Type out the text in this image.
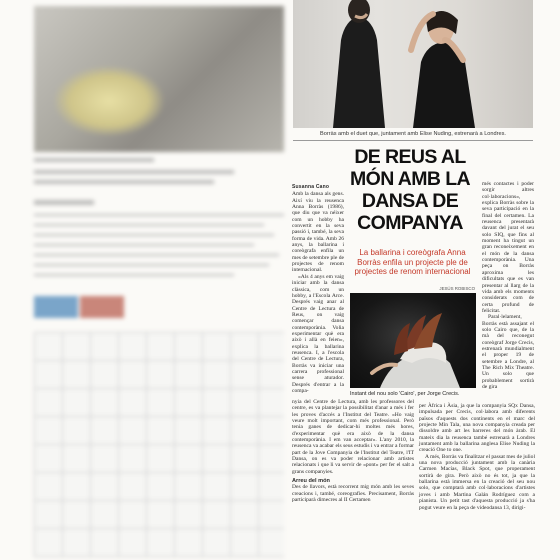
Borràs amb el duet que, juntament amb Elise Nuding, estrenarà a Londres.
DE REUS AL
MÓN AMB LA
DANSA DE
COMPANYA
La ballarina i coreògrafa Anna Borràs enfila un projecte ple de projectes de renom internacional
JESÚS ROBISCO
Instant del nou solo 'Cairo', per Jorge Crecis.
Susanna Cano

Amb la dansa als gens. Així viu la reusenca Anna Borràs (1986), que diu que va néixer com un hobby ha convertit en la seva passió i, també, la seva forma de vida. Amb 26 anys, la ballarina i coreògrafa enfila un mes de setembre ple de projectes de renom internacional.

«Als 4 anys em vaig iniciar amb la dansa clàssica, com un hobby, a l'Escola Arce. Després vaig anar al Centre de Lectura de Reus, on vaig començar dansa contemporània. Volia experimentar què era això i allà en feien», explica la ballarina reusenca. I, a l'escola del Centre de Lectura, Borràs va iniciar una carrera professional sense aturador. Després d'entrar a la compa-

més contactes i poder sorgir altres col·laboracions», explica Borràs sobre la seva participació en la final del certamen. La reusenca presentarà davant del jurat el seu solo SIQ, que fins al moment ha tingut un gran reconeixement en el món de la dansa contemporània. Una peça on Borràs aproxima les dificultats que es van presentar al llarg de la vida amb els moments considerats com de certa profund de felicitat.

Paral·lelament, Borràs està assajant el solo Cairo que, de la mà del reconegut coreògraf Jorge Crecis, estrenarà mundialment el proper 19 de setembre a Londre, al The Rich Mix Theatre. Un solo que probablement sortirà de gira

nyia del Centre de Lectura, amb les professores del centre, es va plantejar la possibilitat d'anar a més i fer les proves d'accés a l'Institut del Teatre. «Ho vaig veure molt important, com més professional. Però tenia ganes de dedicar-hi moltes més hores, d'experimentar què era això de la dansa contemporània. I em van acceptar». L'any 2010, la reusenca va acabar els seus estudis i va entrar a formar part de la Jove Companyia de l'Institut del Teatre, l'IT Dansa, on es va poder relacionar amb artistes relacionats i que li va servir de «pont» per fer el salt a grans companyies.

Arreu del món

Des de llavors, està recorrent mig món amb les seves creacions i, també, coreografies. Precisament, Borràs participarà dimecres al II Certamen

per Àfrica i Àsia, ja que la companyia SQx Dansa, impulsada per Crecis, col·labora amb diferents països d'aquests dos continents en el marc del projecte Min Tala, una nova companyia creada per dissoldre amb art les barreres del món àrab. El mateix dia la reusenca també estrenarà a Londres juntament amb la ballarina anglesa Elise Nuding la creació One to one.

A més, Borràs va finalitzar el passat mes de juliol una nova producció juntament amb la canària Carmen Macías, Black Spot, que properament sortirà de gira. Però això no és tot, ja que la ballarina està immersa en la creació del seu nou solo, que comptarà amb col·laboracions d'artistes joves i amb Martina Galán Rodríguez com a pianista. Un petit tast d'aquesta producció ja s'ha pogut veure en la peça de videodansa 13, dirigi-
